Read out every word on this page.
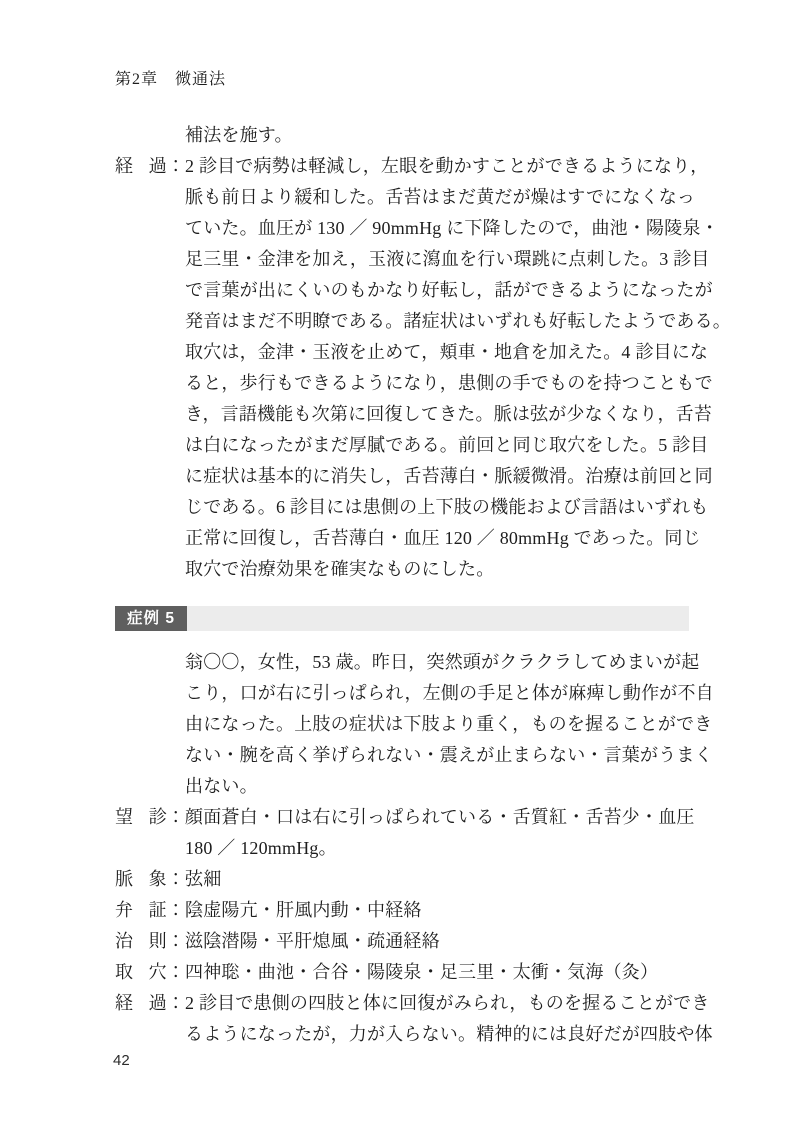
第2章　微通法
補法を施す。
経 過： 2 診目で病勢は軽減し，左眼を動かすことができるようになり，
脈も前日より緩和した。舌苔はまだ黄だが燥はすでになくなっ
ていた。血圧が 130 ／ 90mmHg に下降したので，曲池・陽陵泉・
足三里・金津を加え，玉液に瀉血を行い環跳に点刺した。3 診目
で言葉が出にくいのもかなり好転し，話ができるようになったが
発音はまだ不明瞭である。諸症状はいずれも好転したようである。
取穴は，金津・玉液を止めて，頬車・地倉を加えた。4 診目にな
ると，歩行もできるようになり，患側の手でものを持つこともで
き，言語機能も次第に回復してきた。脈は弦が少なくなり，舌苔
は白になったがまだ厚膩である。前回と同じ取穴をした。5 診目
に症状は基本的に消失し，舌苔薄白・脈緩微滑。治療は前回と同
じである。6 診目には患側の上下肢の機能および言語はいずれも
正常に回復し，舌苔薄白・血圧 120 ／ 80mmHg であった。同じ
取穴で治療効果を確実なものにした。
症例 5
翁〇〇，女性，53 歳。昨日，突然頭がクラクラしてめまいが起
こり，口が右に引っぱられ，左側の手足と体が麻痺し動作が不自
由になった。上肢の症状は下肢より重く，ものを握ることができ
ない・腕を高く挙げられない・震えが止まらない・言葉がうまく
出ない。
望 診： 顔面蒼白・口は右に引っぱられている・舌質紅・舌苔少・血圧
180 ／ 120mmHg。
脈 象： 弦細
弁 証： 陰虚陽亢・肝風内動・中経絡
治 則： 滋陰潜陽・平肝熄風・疏通経絡
取 穴： 四神聡・曲池・合谷・陽陵泉・足三里・太衝・気海（灸）
経 過： 2 診目で患側の四肢と体に回復がみられ，ものを握ることができ
るようになったが，力が入らない。精神的には良好だが四肢や体
42
